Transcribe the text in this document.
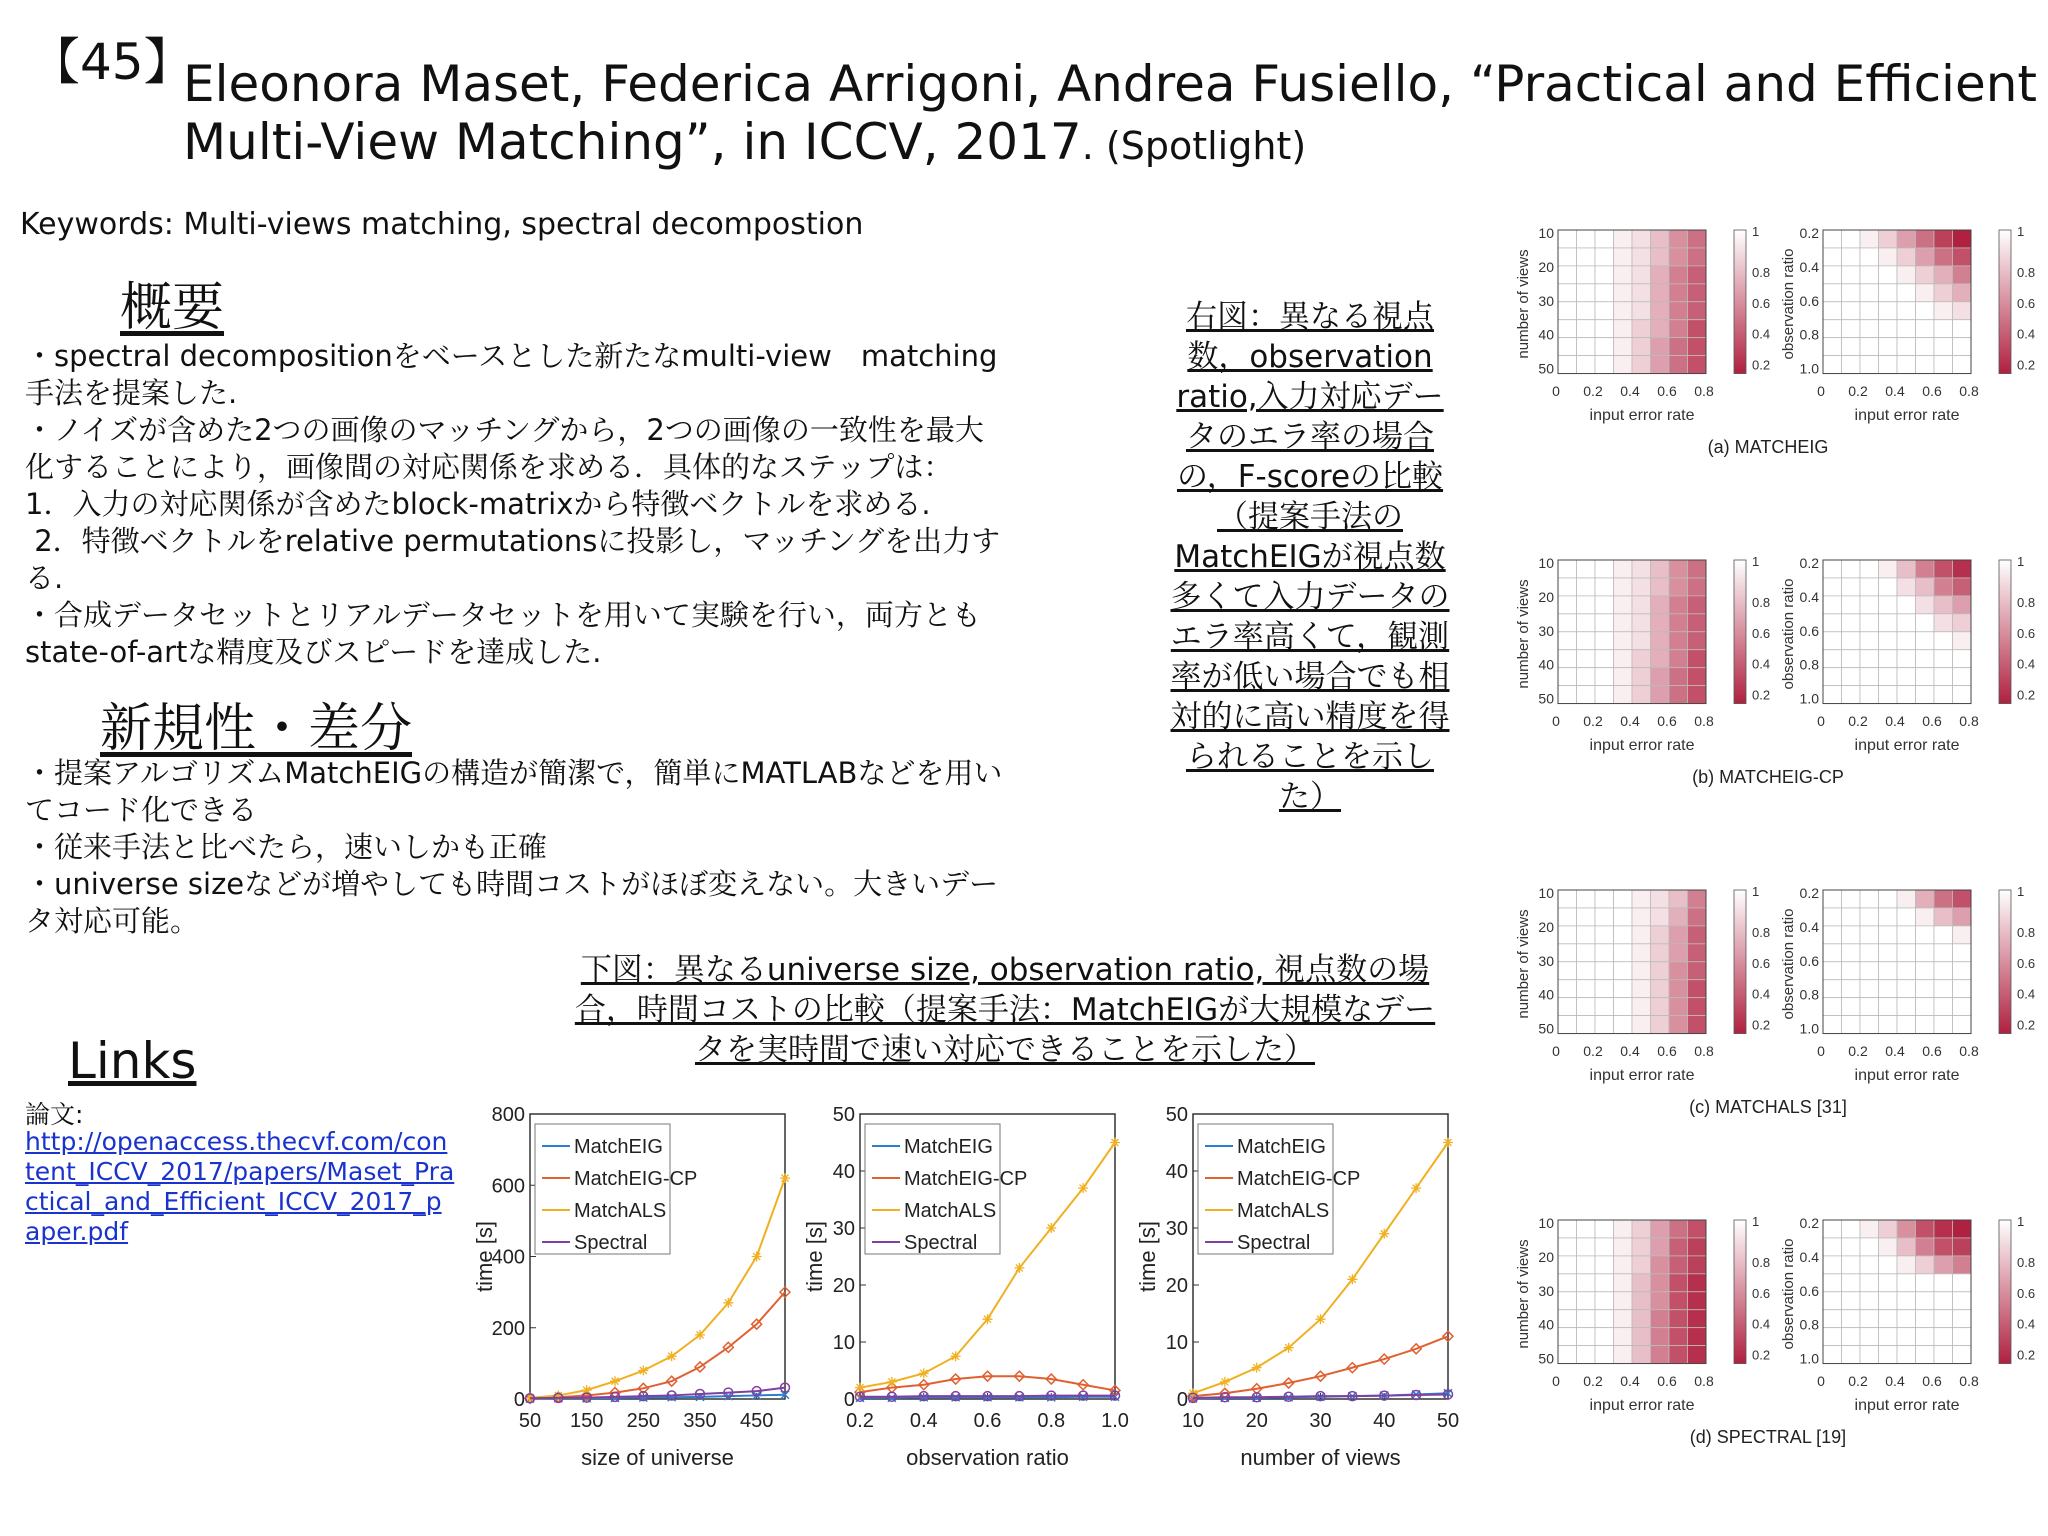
【45】
Eleonora Maset, Federica Arrigoni, Andrea Fusiello, “Practical and Efficient Multi-View Matching”, in ICCV, 2017. (Spotlight)
Keywords: Multi-views matching, spectral decompostion
概要
・spectral decompositionをベースとした新たなmulti-view　matching
手法を提案した.
・ノイズが含めた2つの画像のマッチングから，2つの画像の一致性を最大
化することにより，画像間の対応関係を求める．具体的なステップは：
1．入力の対応関係が含めたblock-matrixから特徴ベクトルを求める.
2．特徴ベクトルをrelative permutationsに投影し，マッチングを出力す
る.
・合成データセットとリアルデータセットを用いて実験を行い，両方とも
state-of-artな精度及びスピードを達成した.
新規性・差分
・提案アルゴリズムMatchEIGの構造が簡潔で，簡単にMATLABなどを用い
てコード化できる
・従来手法と比べたら，速いしかも正確
・universe sizeなどが増やしても時間コストがほぼ変えない。大きいデー
タ対応可能。
右図：異なる視点
数，observation
ratio,入力対応デー
タのエラ率の場合
の，F-scoreの比較
（提案手法の
MatchEIGが視点数
多くて入力データの
エラ率高くて，観測
率が低い場合でも相
対的に高い精度を得
られることを示し
た）
下図：異なるuniverse size, observation ratio, 視点数の場
合，時間コストの比較（提案手法：MatchEIGが大規模なデー
タを実時間で速い対応できることを示した）
Links
論文:
http://openaccess.thecvf.com/content_ICCV_2017/papers/Maset_Practical_and_Efficient_ICCV_2017_paper.pdf
0
200
400
600
800
50 150 250 350 450
size of universe
time [s]
MatchEIG
MatchEIG-CP
MatchALS
Spectral
0
10
20
30
40
50
0.2 0.4 0.6 0.8 1.0
observation ratio
time [s]
MatchEIG
MatchEIG-CP
MatchALS
Spectral
0
10
20
30
40
50
10 20 30 40 50
number of views
time [s]
MatchEIG
MatchEIG-CP
MatchALS
Spectral
10
20
30
40
50
number of views
0 0.2 0.4 0.6 0.8
input error rate
1
0.8
0.6
0.4
0.2
0.2
0.4
0.6
0.8
1.0
observation ratio
0 0.2 0.4 0.6 0.8
input error rate
1
0.8
0.6
0.4
0.2
(a) MATCHEIG
10
20
30
40
50
number of views
0 0.2 0.4 0.6 0.8
input error rate
1
0.8
0.6
0.4
0.2
0.2
0.4
0.6
0.8
1.0
observation ratio
0 0.2 0.4 0.6 0.8
input error rate
1
0.8
0.6
0.4
0.2
(b) MATCHEIG-CP
10
20
30
40
50
number of views
0 0.2 0.4 0.6 0.8
input error rate
1
0.8
0.6
0.4
0.2
0.2
0.4
0.6
0.8
1.0
observation ratio
0 0.2 0.4 0.6 0.8
input error rate
1
0.8
0.6
0.4
0.2
(c) MATCHALS [31]
10
20
30
40
50
number of views
0 0.2 0.4 0.6 0.8
input error rate
1
0.8
0.6
0.4
0.2
0.2
0.4
0.6
0.8
1.0
observation ratio
0 0.2 0.4 0.6 0.8
input error rate
1
0.8
0.6
0.4
0.2
(d) SPECTRAL [19]
